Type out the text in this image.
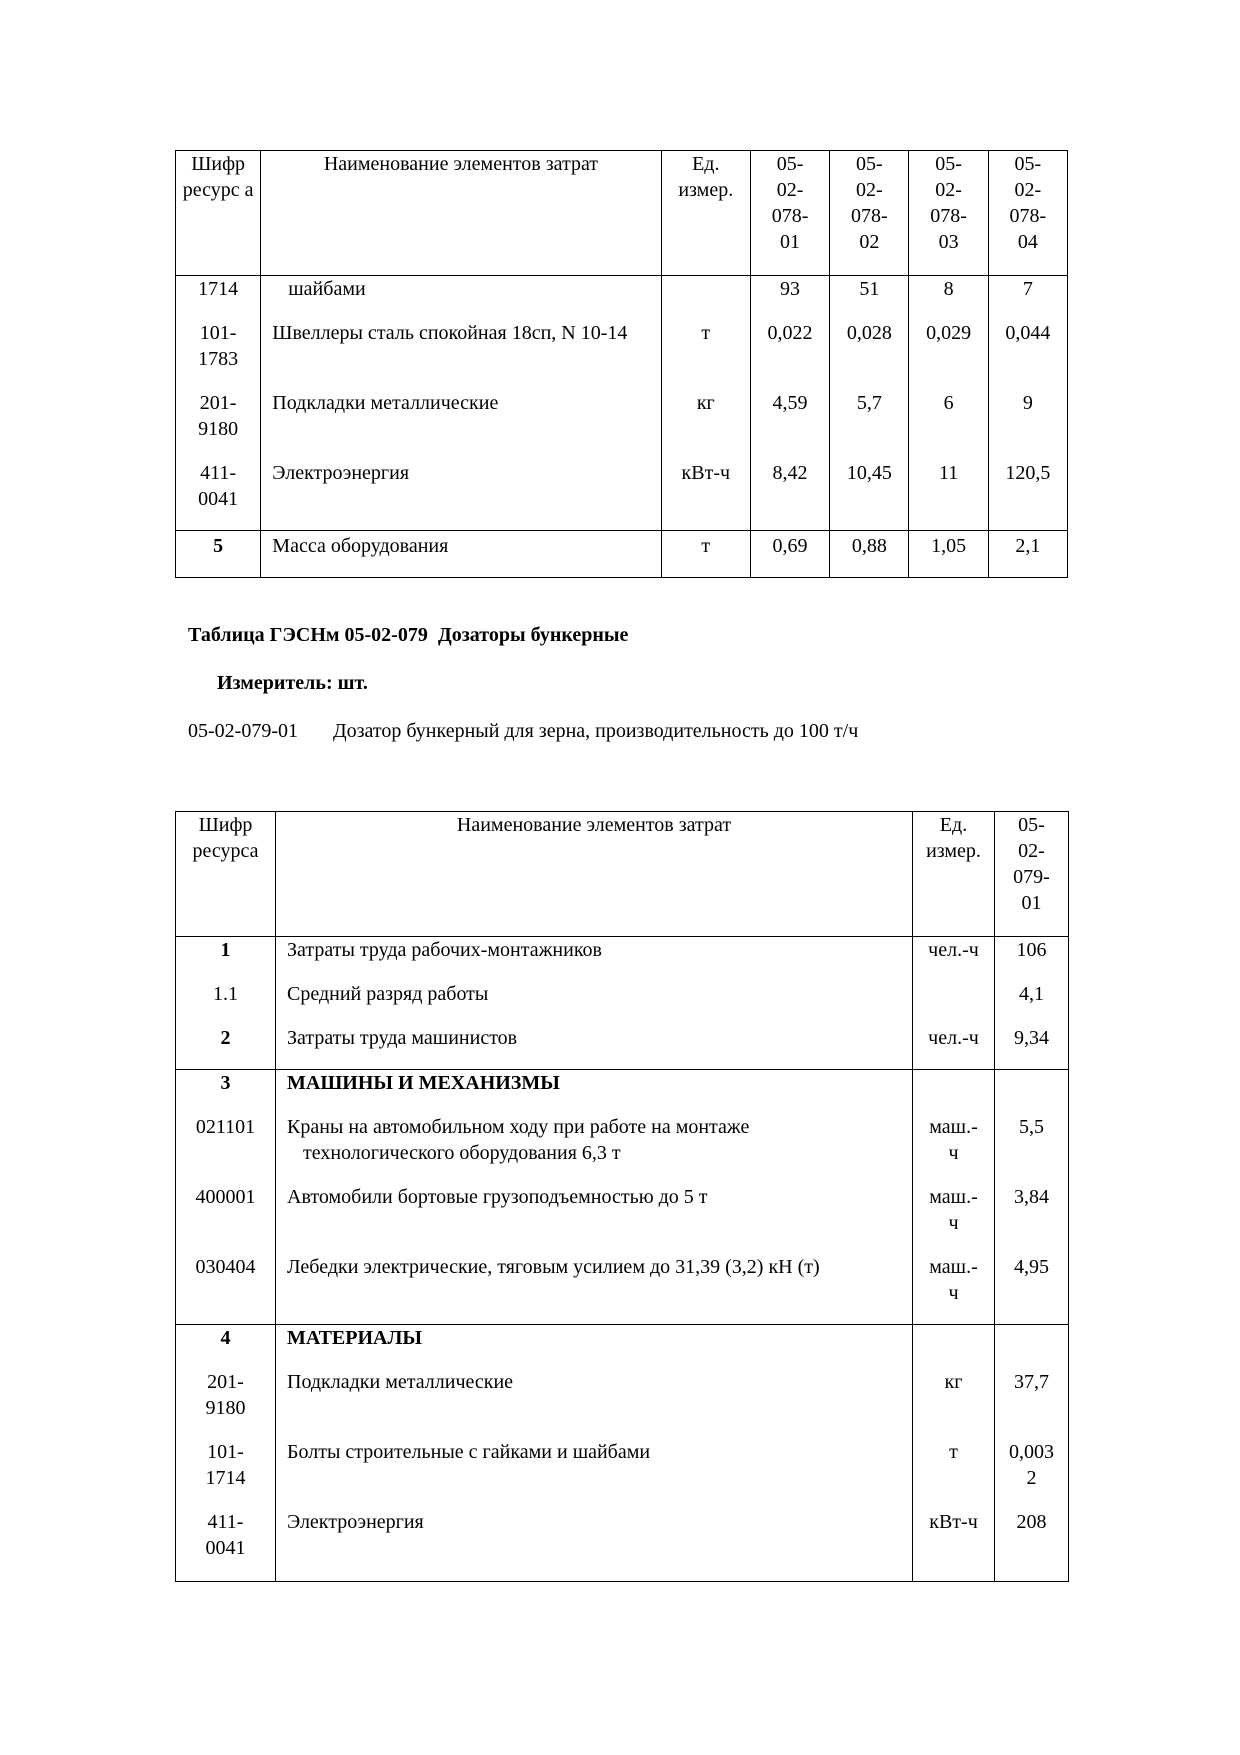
Шифр ресурс а	Наименование элементов затрат	Ед. измер.	05- 02- 078- 01	05- 02- 078- 02	05- 02- 078- 03	05- 02- 078- 04
1714	шайбами		93	51	8	7
101- 1783	Швеллеры сталь спокойная 18сп, N 10-14	т	0,022	0,028	0,029	0,044
201- 9180	Подкладки металлические	кг	4,59	5,7	6	9
411- 0041	Электроэнергия	кВт-ч	8,42	10,45	11	120,5
5	Масса оборудования	т	0,69	0,88	1,05	2,1
Таблица ГЭСНм 05-02-079 Дозаторы бункерные
Измеритель: шт.
05-02-079-01 Дозатор бункерный для зерна, производительность до 100 т/ч
Шифр ресурса	Наименование элементов затрат	Ед. измер.	05- 02- 079- 01
1	Затраты труда рабочих-монтажников	чел.-ч	106
1.1	Средний разряд работы		4,1
2	Затраты труда машинистов	чел.-ч	9,34
3	МАШИНЫ И МЕХАНИЗМЫ		
021101	Краны на автомобильном ходу при работе на монтаже
технологического оборудования 6,3 т	маш.- ч	5,5
400001	Автомобили бортовые грузоподъемностью до 5 т	маш.- ч	3,84
030404	Лебедки электрические, тяговым усилием до 31,39 (3,2) кН (т)	маш.- ч	4,95
4	МАТЕРИАЛЫ		
201- 9180	Подкладки металлические	кг	37,7
101- 1714	Болты строительные с гайками и шайбами	т	0,003 2
411- 0041	Электроэнергия	кВт-ч	208
